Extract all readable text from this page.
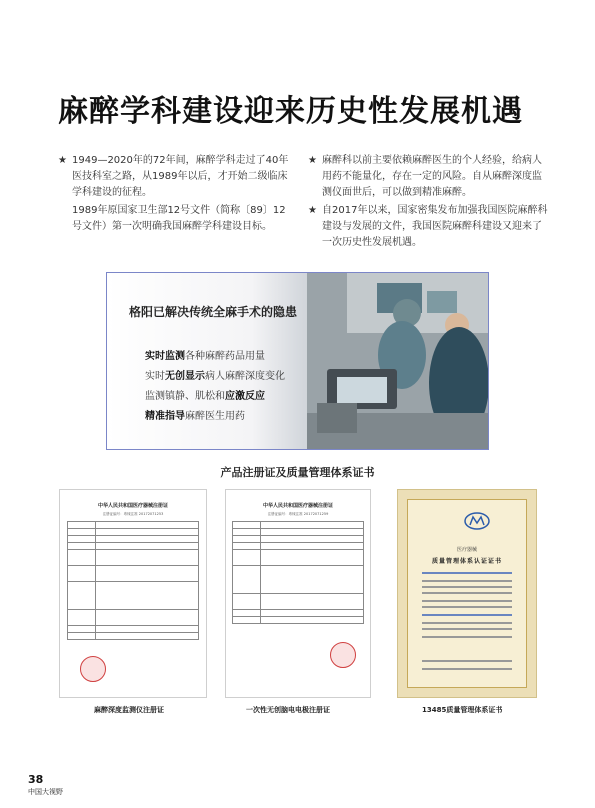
麻醉学科建设迎来历史性发展机遇
★ 1949—2020年的72年间，麻醉学科走过了40年医技科室之路，从1989年以后，才开始二级临床学科建设的征程。
1989年原国家卫生部12号文件（简称〔89〕12号文件）第一次明确我国麻醉学科建设目标。
★ 麻醉科以前主要依赖麻醉医生的个人经验，给病人用药不能量化，存在一定的风险。自从麻醉深度监测仪面世后，可以做到精准麻醉。
★ 自2017年以来，国家密集发布加强我国医院麻醉科建设与发展的文件，我国医院麻醉科建设又迎来了一次历史性发展机遇。
格阳已解决传统全麻手术的隐患
实时监测各种麻醉药品用量
实时无创显示病人麻醉深度变化
监测镇静、肌松和应激反应
精准指导麻醉医生用药
产品注册证及质量管理体系证书
中华人民共和国医疗器械注册证
注册证编号：粤械注准 20172071253

中华人民共和国医疗器械注册证
注册证编号：粤械注准 20172071259

医疗器械
质量管理体系认证证书
麻醉深度监测仪注册证	一次性无创脑电电极注册证	13485质量管理体系证书
38
中国大视野
